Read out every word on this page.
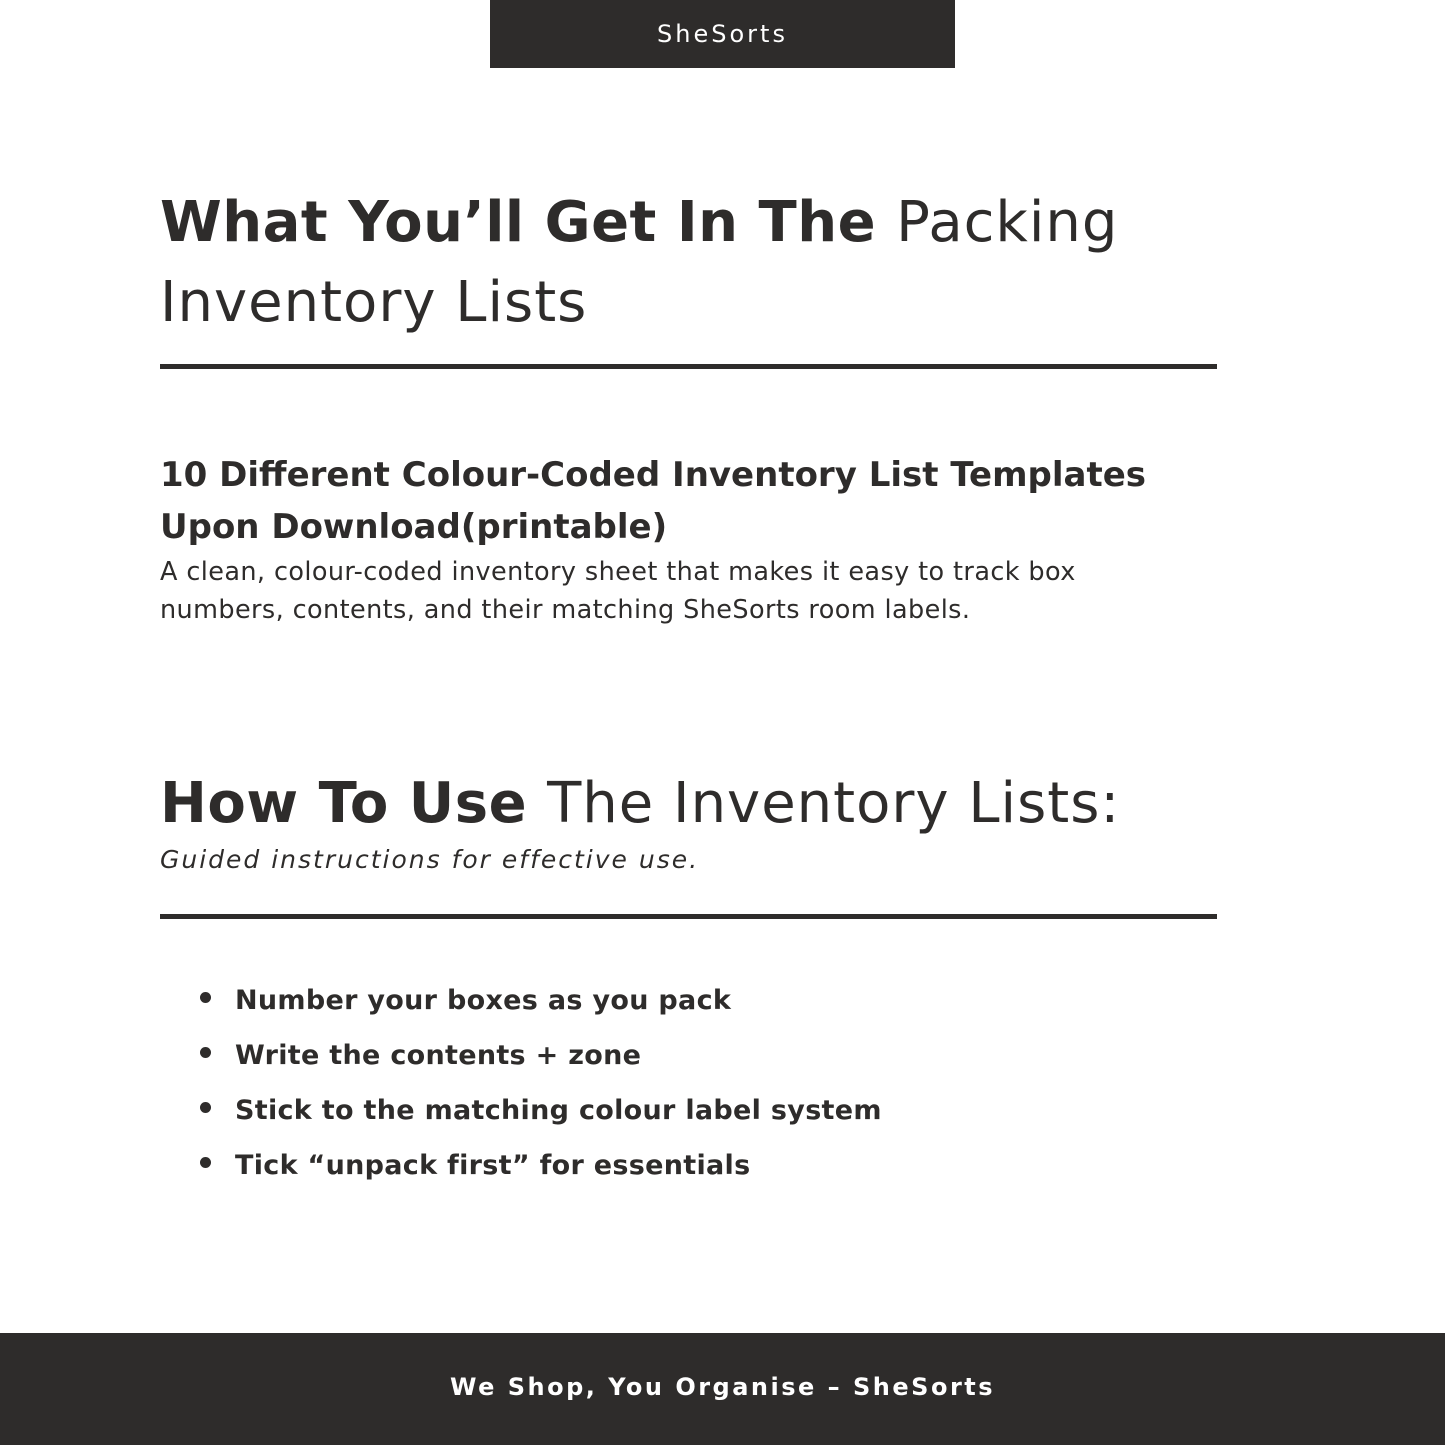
SheSorts
What You’ll Get In The Packing Inventory Lists
10 Different Colour-Coded Inventory List Templates Upon Download(printable)

A clean, colour-coded inventory sheet that makes it easy to track box numbers, contents, and their matching SheSorts room labels.

How To Use The Inventory Lists:

Guided instructions for effective use.

Number your boxes as you pack
Write the contents + zone
Stick to the matching colour label system
Tick “unpack first” for essentials
We Shop, You Organise – SheSorts
